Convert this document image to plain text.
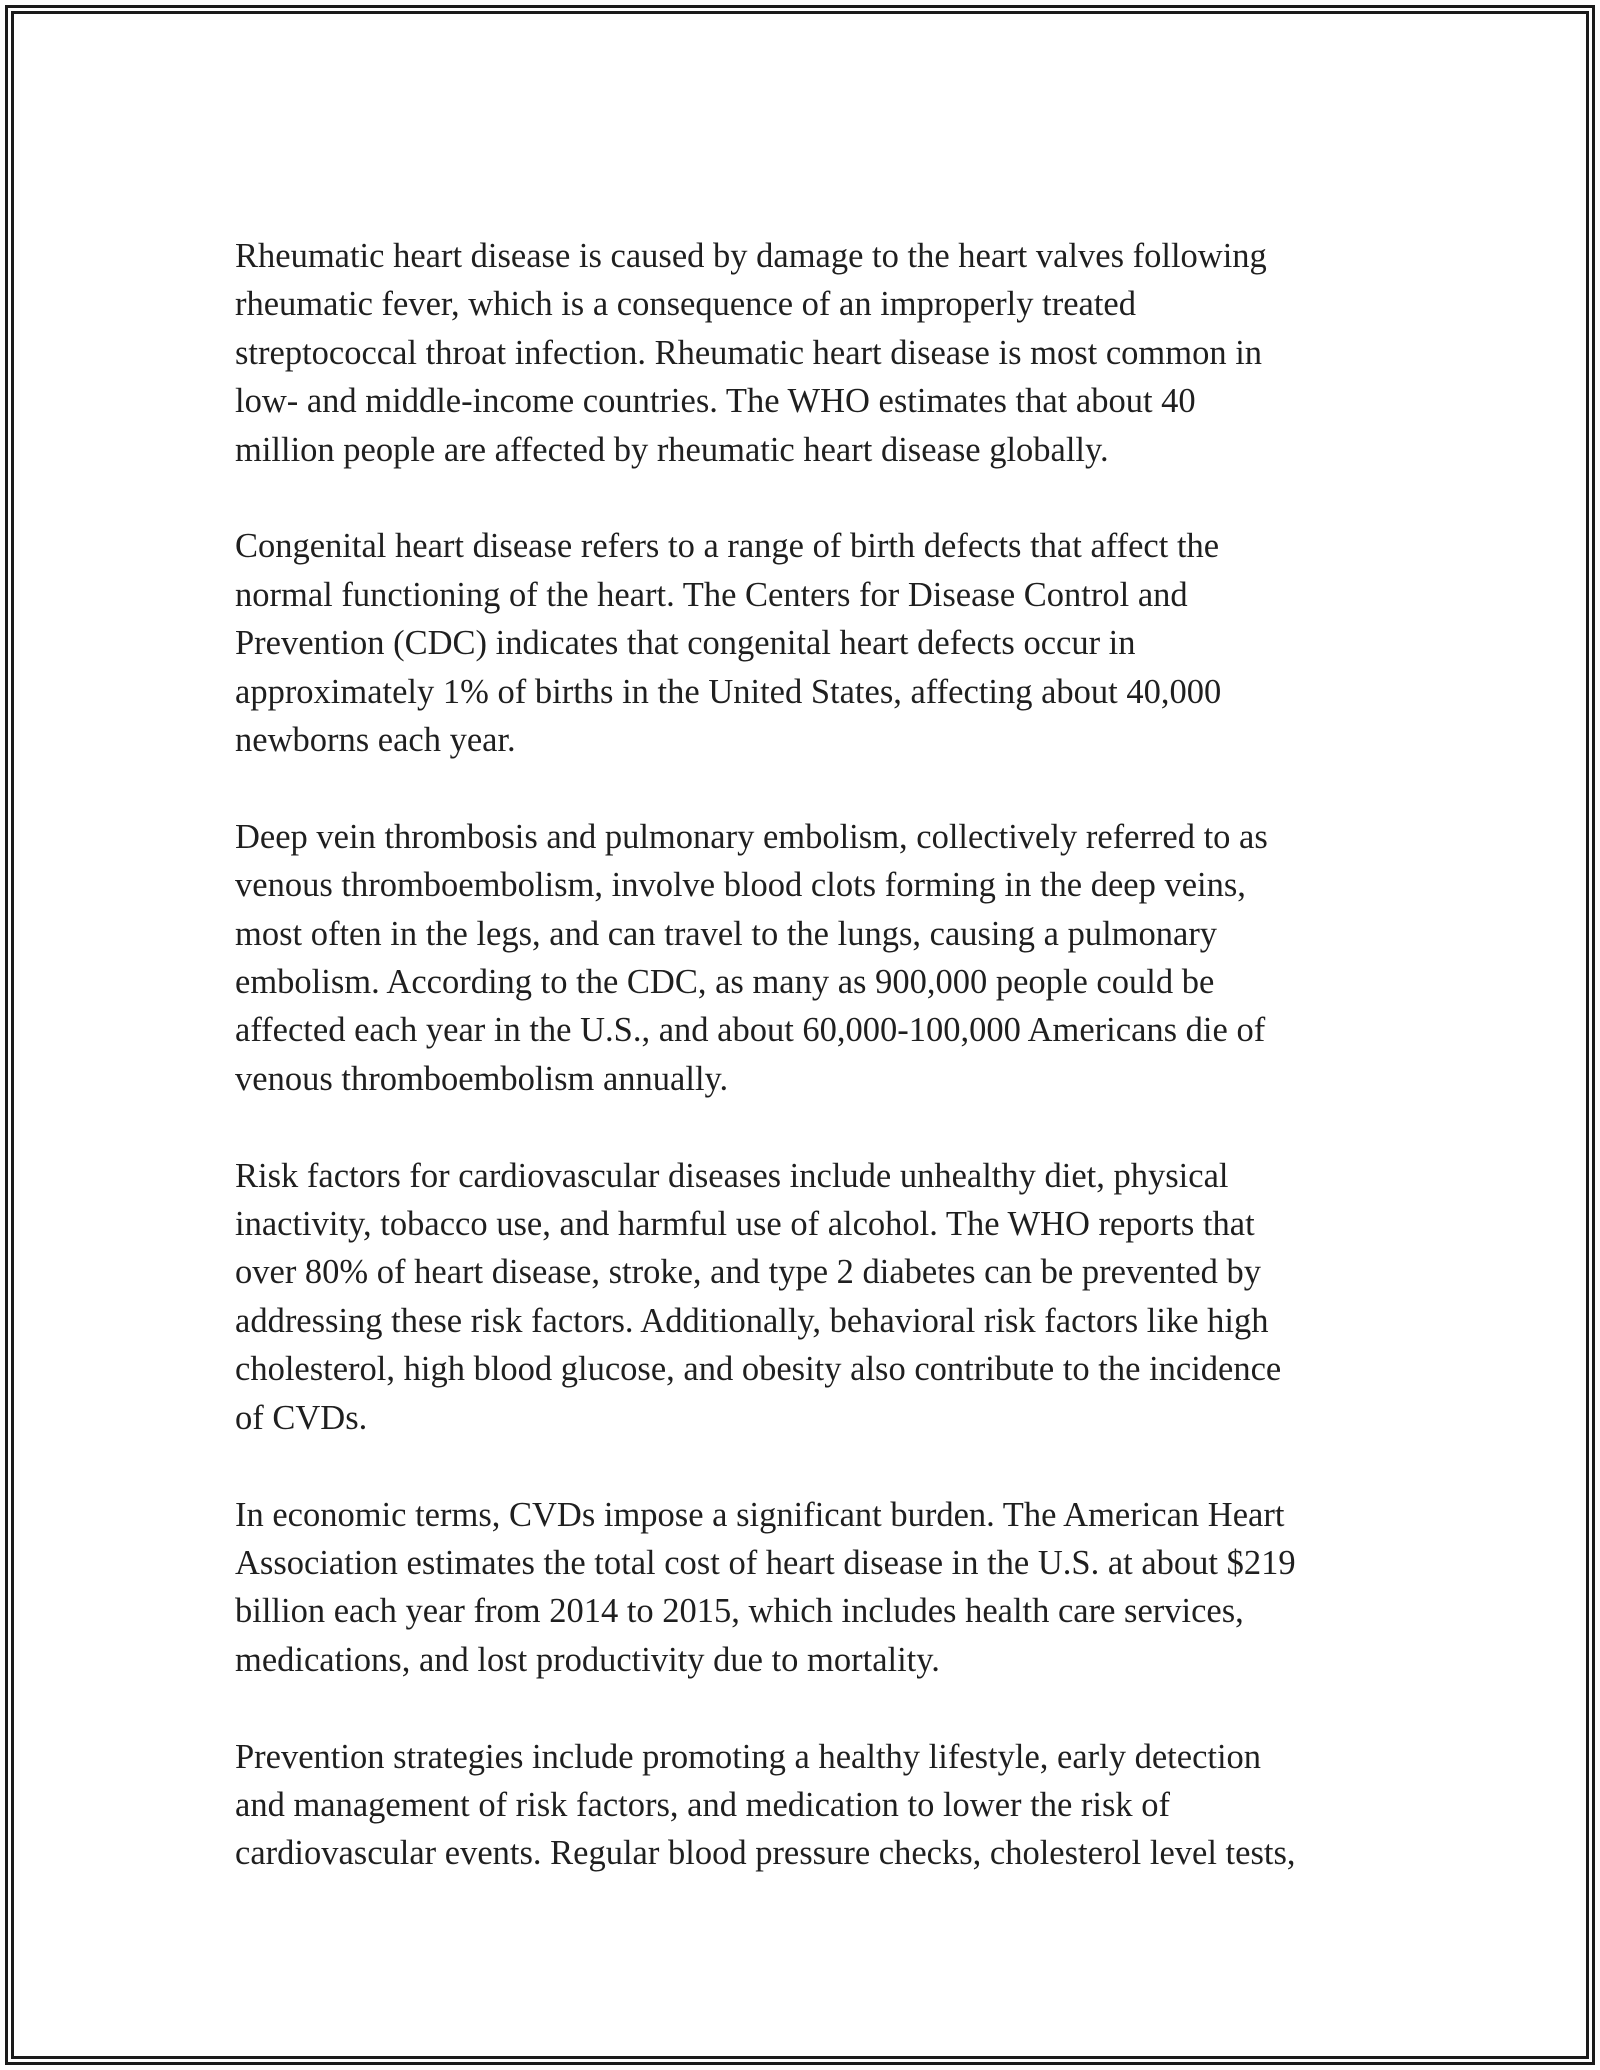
Rheumatic heart disease is caused by damage to the heart valves following
rheumatic fever, which is a consequence of an improperly treated
streptococcal throat infection. Rheumatic heart disease is most common in
low- and middle-income countries. The WHO estimates that about 40
million people are affected by rheumatic heart disease globally.

Congenital heart disease refers to a range of birth defects that affect the
normal functioning of the heart. The Centers for Disease Control and
Prevention (CDC) indicates that congenital heart defects occur in
approximately 1% of births in the United States, affecting about 40,000
newborns each year.

Deep vein thrombosis and pulmonary embolism, collectively referred to as
venous thromboembolism, involve blood clots forming in the deep veins,
most often in the legs, and can travel to the lungs, causing a pulmonary
embolism. According to the CDC, as many as 900,000 people could be
affected each year in the U.S., and about 60,000-100,000 Americans die of
venous thromboembolism annually.

Risk factors for cardiovascular diseases include unhealthy diet, physical
inactivity, tobacco use, and harmful use of alcohol. The WHO reports that
over 80% of heart disease, stroke, and type 2 diabetes can be prevented by
addressing these risk factors. Additionally, behavioral risk factors like high
cholesterol, high blood glucose, and obesity also contribute to the incidence
of CVDs.

In economic terms, CVDs impose a significant burden. The American Heart
Association estimates the total cost of heart disease in the U.S. at about $219
billion each year from 2014 to 2015, which includes health care services,
medications, and lost productivity due to mortality.

Prevention strategies include promoting a healthy lifestyle, early detection
and management of risk factors, and medication to lower the risk of
cardiovascular events. Regular blood pressure checks, cholesterol level tests,
